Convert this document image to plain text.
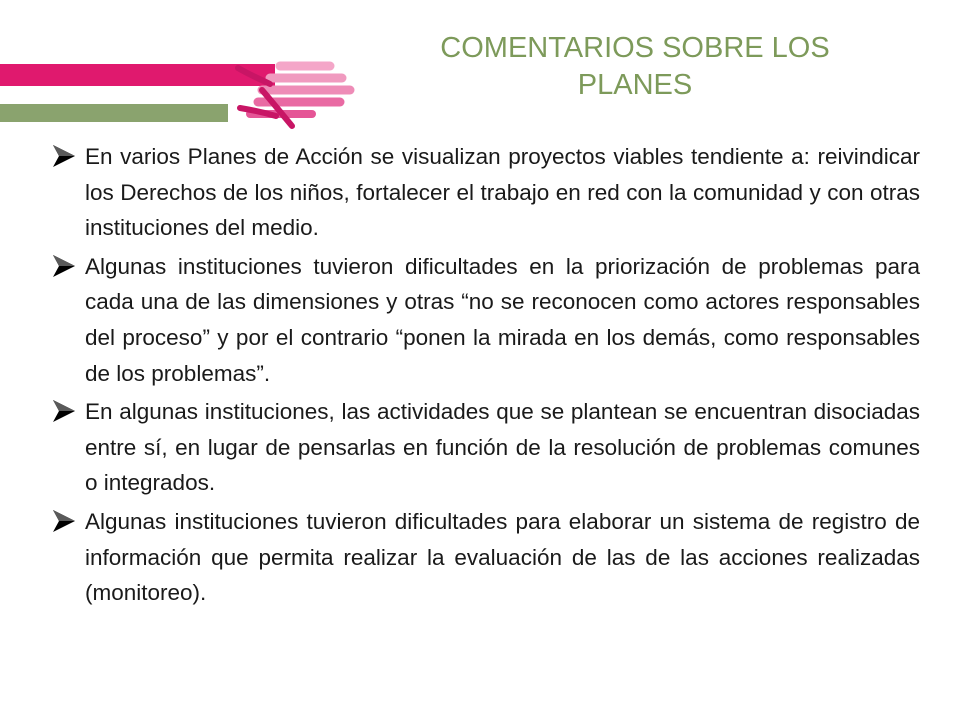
COMENTARIOS SOBRE LOS
PLANES
En varios Planes de Acción se visualizan proyectos viables tendiente a: reivindicar los Derechos de los niños, fortalecer el trabajo en red con la comunidad y con otras instituciones del medio.
Algunas instituciones tuvieron dificultades en la priorización de problemas para cada una de las dimensiones y otras “no se reconocen como actores responsables del proceso” y por el contrario “ponen la mirada en los demás, como responsables de los problemas”.
En algunas instituciones, las actividades que se plantean se encuentran disociadas entre sí, en lugar de pensarlas en función de la resolución de problemas comunes o integrados.
Algunas instituciones tuvieron dificultades para elaborar un sistema de registro de información que permita realizar la evaluación de las de las acciones realizadas (monitoreo).
